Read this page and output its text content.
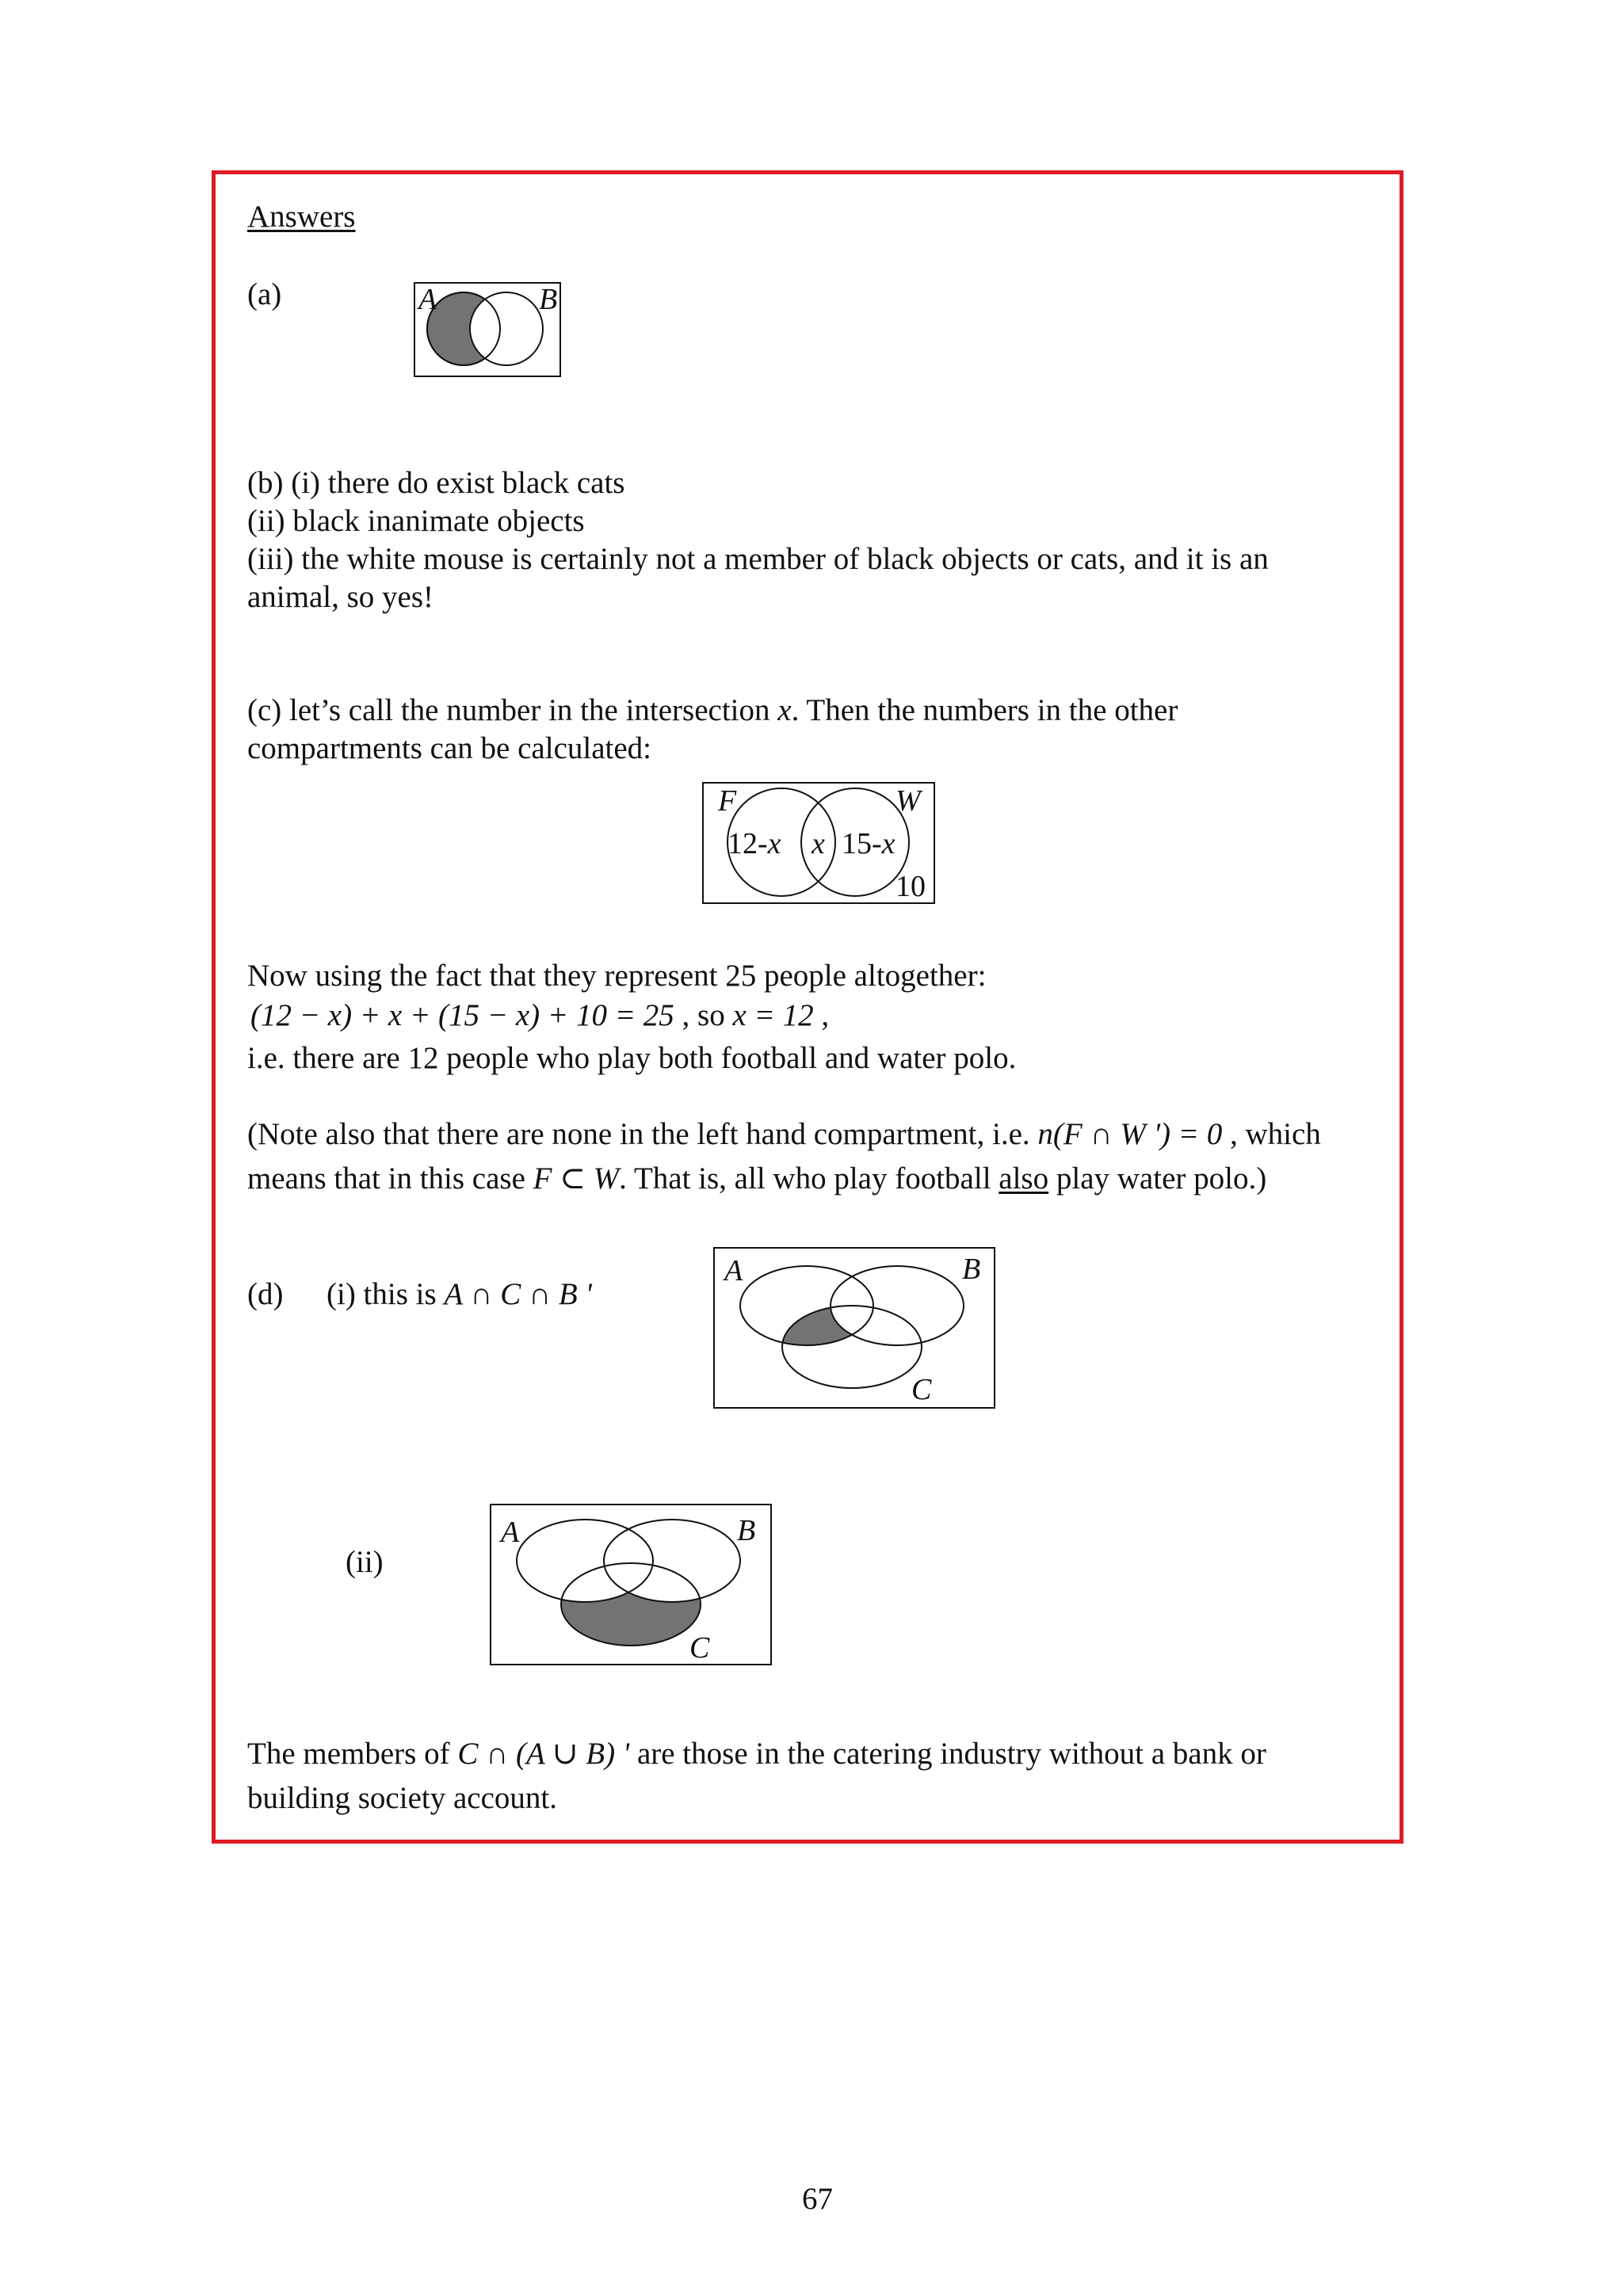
Answers
(a)	A	B
(b) (i) there do exist black cats
(ii) black inanimate objects
(iii) the white mouse is certainly not a member of black objects or cats, and it is an
animal, so yes!
(c) let’s call the number in the intersection x. Then the numbers in the other
compartments can be calculated:
F	W
12-x x 15-x
10
Now using the fact that they represent 25 people altogether:
(12 − x) + x + (15 − x) + 10 = 25 , so x = 12 ,
i.e. there are 12 people who play both football and water polo.
(Note also that there are none in the left hand compartment, i.e. n(F ∩ W ') = 0 , which
means that in this case F ⊂ W. That is, all who play football also play water polo.)
(d) (i) this is A ∩ C ∩ B '
A	B
C
(ii)
A	B
C
The members of C ∩ (A ∪ B) ' are those in the catering industry without a bank or
building society account.
67
